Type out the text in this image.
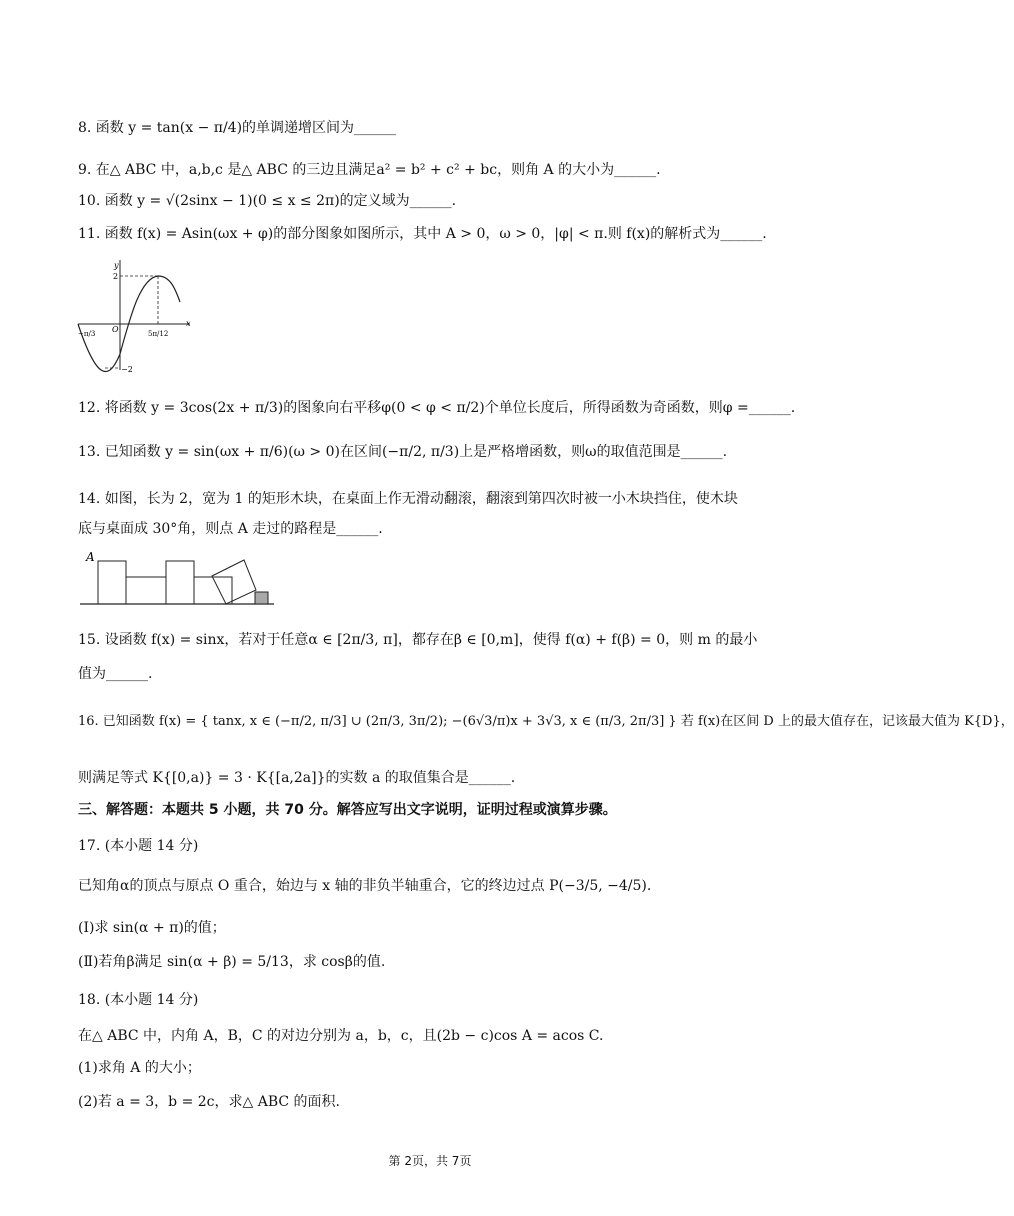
8. 函数 y = tan(x − π/4)的单调递增区间为______
9. 在△ ABC 中，a,b,c 是△ ABC 的三边且满足a² = b² + c² + bc，则角 A 的大小为______.
10. 函数 y = √(2sinx − 1)(0 ≤ x ≤ 2π)的定义域为______.
11. 函数 f(x) = Asin(ωx + φ)的部分图象如图所示，其中 A > 0，ω > 0，|φ| < π.则 f(x)的解析式为______.
y
x
O
2
−2
−π/3	5π/12
12. 将函数 y = 3cos(2x + π/3)的图象向右平移φ(0 < φ < π/2)个单位长度后，所得函数为奇函数，则φ =______.
13. 已知函数 y = sin(ωx + π/6)(ω > 0)在区间(−π/2, π/3)上是严格增函数，则ω的取值范围是______.
14. 如图，长为 2，宽为 1 的矩形木块，在桌面上作无滑动翻滚，翻滚到第四次时被一小木块挡住，使木块
底与桌面成 30°角，则点 A 走过的路程是______.
A
15. 设函数 f(x) = sinx，若对于任意α ∈ [2π/3, π]，都存在β ∈ [0,m]，使得 f(α) + f(β) = 0，则 m 的最小
值为______.
16. 已知函数 f(x) = { tanx, x ∈ (−π/2, π/3] ∪ (2π/3, 3π/2); −(6√3/π)x + 3√3, x ∈ (π/3, 2π/3] } 若 f(x)在区间 D 上的最大值存在，记该最大值为 K{D}，
则满足等式 K{[0,a)} = 3 · K{[a,2a]}的实数 a 的取值集合是______.
三、解答题：本题共 5 小题，共 70 分。解答应写出文字说明，证明过程或演算步骤。
17. (本小题 14 分)
已知角α的顶点与原点 O 重合，始边与 x 轴的非负半轴重合，它的终边过点 P(−3/5, −4/5).
(Ⅰ)求 sin(α + π)的值；
(Ⅱ)若角β满足 sin(α + β) = 5/13，求 cosβ的值.
18. (本小题 14 分)
在△ ABC 中，内角 A，B，C 的对边分别为 a，b，c，且(2b − c)cos A = acos C.
(1)求角 A 的大小；
(2)若 a = 3，b = 2c，求△ ABC 的面积.
第 2页，共 7页
